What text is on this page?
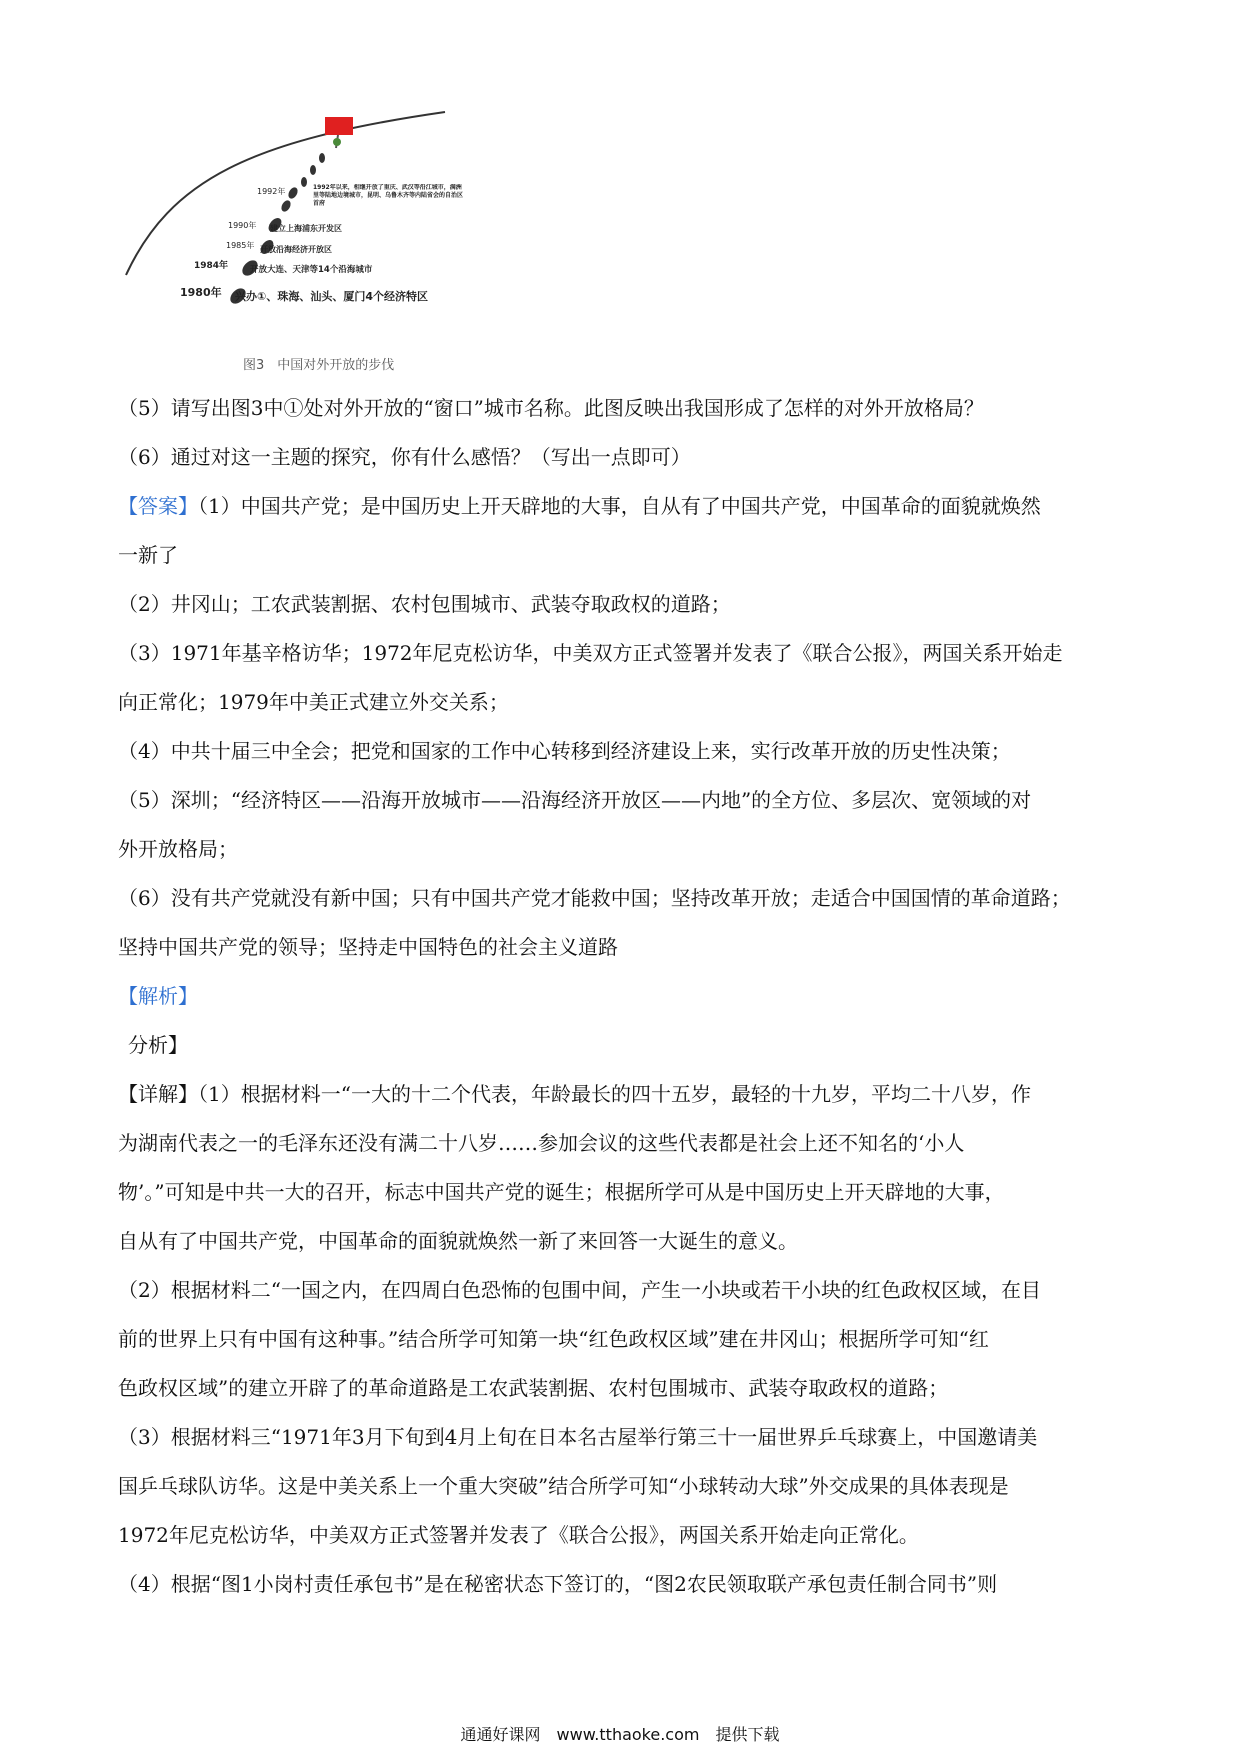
1980年 兴办①、珠海、汕头、厦门4个经济特区
1984年	开放大连、天津等14个沿海城市
1985年 开放沿海经济开放区
1990年 建立上海浦东开发区
1992年	1992年以来，相继开放了重庆、武汉等沿江城市，满洲里等陆地边境城市，昆明、乌鲁木齐等内陆省会的自治区首府
图3　中国对外开放的步伐
（5）请写出图3中①处对外开放的“窗口”城市名称。此图反映出我国形成了怎样的对外开放格局？
（6）通过对这一主题的探究，你有什么感悟？（写出一点即可）
【答案】（1）中国共产党；是中国历史上开天辟地的大事，自从有了中国共产党，中国革命的面貌就焕然
一新了
（2）井冈山；工农武装割据、农村包围城市、武装夺取政权的道路；
（3）1971年基辛格访华；1972年尼克松访华，中美双方正式签署并发表了《联合公报》，两国关系开始走
向正常化；1979年中美正式建立外交关系；
（4）中共十届三中全会；把党和国家的工作中心转移到经济建设上来，实行改革开放的历史性决策；
（5）深圳；“经济特区——沿海开放城市——沿海经济开放区——内地”的全方位、多层次、宽领域的对
外开放格局；
（6）没有共产党就没有新中国；只有中国共产党才能救中国；坚持改革开放；走适合中国国情的革命道路；
坚持中国共产党的领导；坚持走中国特色的社会主义道路
【解析】
分析】
【详解】（1）根据材料一“一大的十二个代表，年龄最长的四十五岁，最轻的十九岁，平均二十八岁，作
为湖南代表之一的毛泽东还没有满二十八岁……参加会议的这些代表都是社会上还不知名的‘小人
物’。”可知是中共一大的召开，标志中国共产党的诞生；根据所学可从是中国历史上开天辟地的大事，
自从有了中国共产党，中国革命的面貌就焕然一新了来回答一大诞生的意义。
（2）根据材料二“一国之内，在四周白色恐怖的包围中间，产生一小块或若干小块的红色政权区域，在目
前的世界上只有中国有这种事。”结合所学可知第一块“红色政权区域”建在井冈山；根据所学可知“红
色政权区域”的建立开辟了的革命道路是工农武装割据、农村包围城市、武装夺取政权的道路；
（3）根据材料三“1971年3月下旬到4月上旬在日本名古屋举行第三十一届世界乒乓球赛上，中国邀请美
国乒乓球队访华。这是中美关系上一个重大突破”结合所学可知“小球转动大球”外交成果的具体表现是
1972年尼克松访华，中美双方正式签署并发表了《联合公报》，两国关系开始走向正常化。
（4）根据“图1小岗村责任承包书”是在秘密状态下签订的，“图2农民领取联产承包责任制合同书”则
通通好课网　www.tthaoke.com　提供下载
